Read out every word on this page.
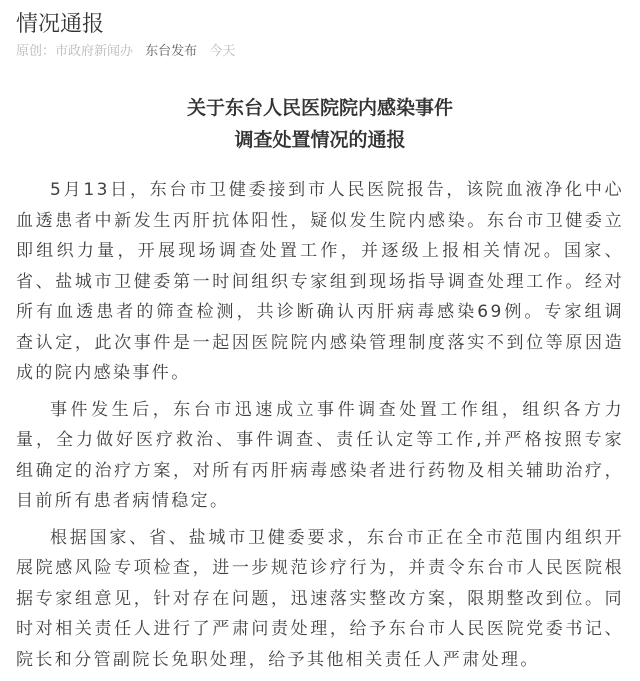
情况通报
原创：市政府新闻办 东台发布 今天
关于东台人民医院院内感染事件
调查处置情况的通报

5月13日，东台市卫健委接到市人民医院报告，该院血液净化中心血透患者中新发生丙肝抗体阳性，疑似发生院内感染。东台市卫健委立即组织力量，开展现场调查处置工作，并逐级上报相关情况。国家、省、盐城市卫健委第一时间组织专家组到现场指导调查处理工作。经对所有血透患者的筛查检测，共诊断确认丙肝病毒感染69例。专家组调查认定，此次事件是一起因医院院内感染管理制度落实不到位等原因造成的院内感染事件。

事件发生后，东台市迅速成立事件调查处置工作组，组织各方力量，全力做好医疗救治、事件调查、责任认定等工作,并严格按照专家组确定的治疗方案，对所有丙肝病毒感染者进行药物及相关辅助治疗，目前所有患者病情稳定。

根据国家、省、盐城市卫健委要求，东台市正在全市范围内组织开展院感风险专项检查，进一步规范诊疗行为，并责令东台市人民医院根据专家组意见，针对存在问题，迅速落实整改方案，限期整改到位。同时对相关责任人进行了严肃问责处理，给予东台市人民医院党委书记、院长和分管副院长免职处理，给予其他相关责任人严肃处理。
